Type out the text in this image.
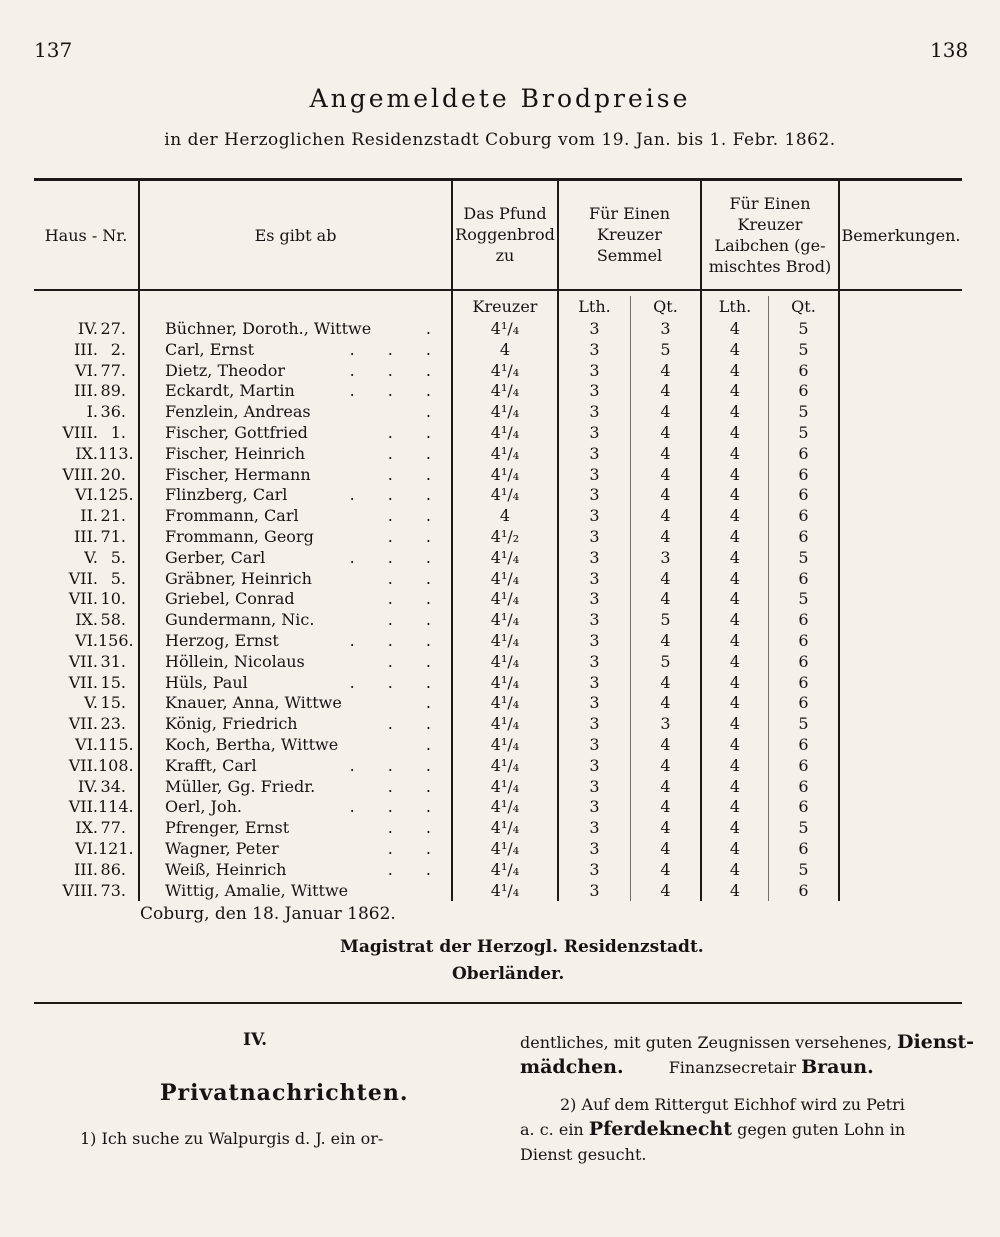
137	138
Angemeldete Brodpreise
in der Herzoglichen Residenzstadt Coburg vom 19. Jan. bis 1. Febr. 1862.
Haus - Nr.	Es gibt ab
Das Pfund
Roggenbrod
zu
Für Einen
Kreuzer
Semmel
Für Einen
Kreuzer
Laibchen (ge-
mischtes Brod)
Bemerkungen.
Kreuzer	Lth.	Qt.	Lth.	Qt.
IV. 27. Büchner, Doroth., Wittwe	4¹/₄	3	3	4	5
.
III. 2. Carl, Ernst	4	3	5	4	5
. . .
VI. 77. Dietz, Theodor	4¹/₄	3	4	4	6
. . .
III. 89. Eckardt, Martin	4¹/₄	3	4	4	6
. . .
I. 36. Fenzlein, Andreas	4¹/₄	3	4	4	5
.
VIII. 1. Fischer, Gottfried	4¹/₄	3	4	4	5
. .
IX. 113. Fischer, Heinrich	4¹/₄	3	4	4	6
. .
VIII. 20. Fischer, Hermann	4¹/₄	3	4	4	6
. .
VI. 125. Flinzberg, Carl	4¹/₄	3	4	4	6
. . .
II. 21. Frommann, Carl	4	3	4	4	6
. .
III. 71. Frommann, Georg	4¹/₂	3	4	4	6
. .
V. 5. Gerber, Carl	4¹/₄	3	3	4	5
. . .
VII. 5. Gräbner, Heinrich	4¹/₄	3	4	4	6
. .
VII. 10. Griebel, Conrad	4¹/₄	3	4	4	5
. .
IX. 58. Gundermann, Nic.	4¹/₄	3	5	4	6
. .
VI. 156. Herzog, Ernst	4¹/₄	3	4	4	6
. . .
VII. 31. Höllein, Nicolaus	4¹/₄	3	5	4	6
. .
VII. 15. Hüls, Paul	4¹/₄	3	4	4	6
. . .
V. 15. Knauer, Anna, Wittwe	4¹/₄	3	4	4	6
.
VII. 23. König, Friedrich	4¹/₄	3	3	4	5
. .
VI. 115. Koch, Bertha, Wittwe	4¹/₄	3	4	4	6
.
VII. 108. Krafft, Carl	4¹/₄	3	4	4	6
. . .
IV. 34. Müller, Gg. Friedr.	4¹/₄	3	4	4	6
. .
VII. 114. Oerl, Joh.	4¹/₄	3	4	4	6
. . .
IX. 77. Pfrenger, Ernst	4¹/₄	3	4	4	5
. .
VI. 121. Wagner, Peter	4¹/₄	3	4	4	6
. .
III. 86. Weiß, Heinrich	4¹/₄	3	4	4	5
. .
VIII. 73. Wittig, Amalie, Wittwe	4¹/₄	3	4	4	6
Coburg, den 18. Januar 1862.
Magistrat der Herzogl. Residenzstadt.
Oberländer.
IV.
Privatnachrichten.
1) Ich suche zu Walpurgis d. J. ein or-
dentliches, mit guten Zeugnissen versehenes, Dienst-
mädchen.	Finanzsecretair Braun.
2) Auf dem Rittergut Eichhof wird zu Petri
a. c. ein Pferdeknecht gegen guten Lohn in
Dienst gesucht.
